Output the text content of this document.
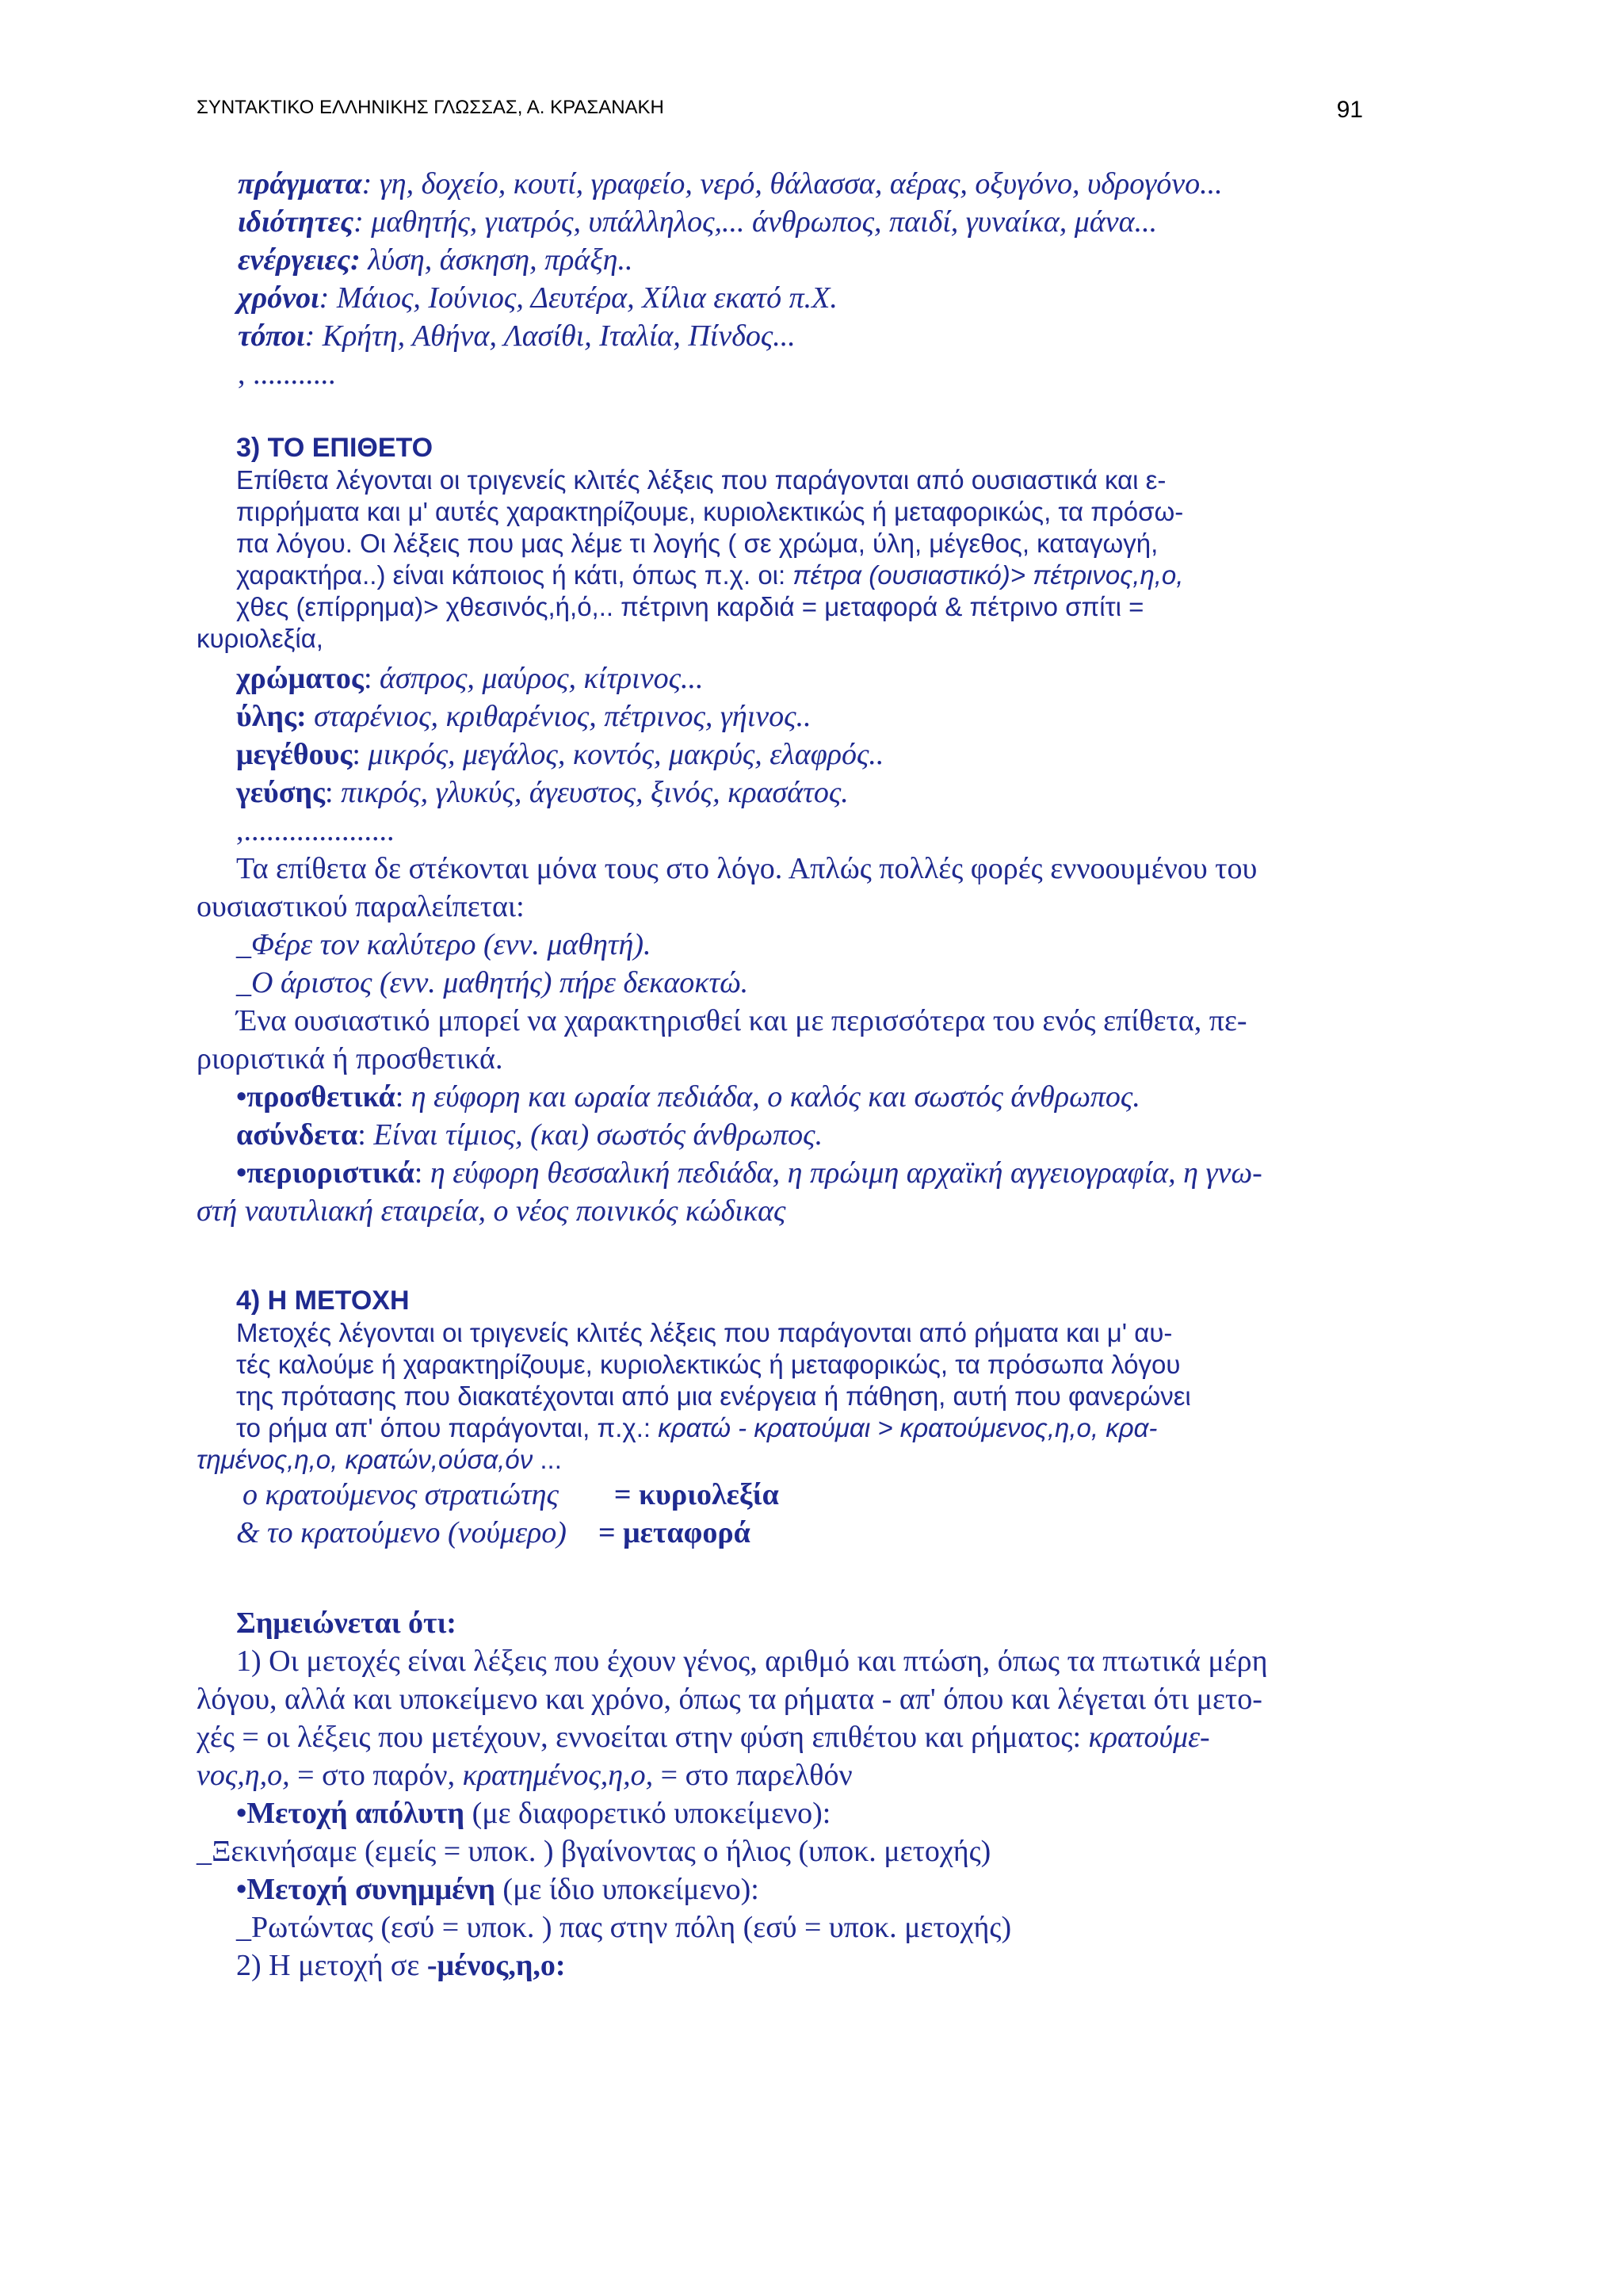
ΣΥΝΤΑΚΤΙΚΟ ΕΛΛΗΝΙΚΗΣ ΓΛΩΣΣΑΣ, Α. ΚΡΑΣΑΝΑΚΗ	91
πράγματα: γη, δοχείο, κουτί, γραφείο, νερό, θάλασσα, αέρας, οξυγόνο, υδρογόνο...
ιδιότητες: μαθητής, γιατρός, υπάλληλος,... άνθρωπος, παιδί, γυναίκα, μάνα...
ενέργειες: λύση, άσκηση, πράξη..
χρόνοι: Μάιος, Ιούνιος, Δευτέρα, Χίλια εκατό π.Χ.
τόποι: Κρήτη, Αθήνα, Λασίθι, Ιταλία, Πίνδος...
, ...........
3) ΤΟ ΕΠΙΘΕΤΟ
Επίθετα λέγονται οι τριγενείς κλιτές λέξεις που παράγονται από ουσιαστικά και ε-
πιρρήματα και μ' αυτές χαρακτηρίζουμε, κυριολεκτικώς ή μεταφορικώς, τα πρόσω-
πα λόγου. Οι λέξεις που μας λέμε τι λογής ( σε χρώμα, ύλη, μέγεθος, καταγωγή,
χαρακτήρα..) είναι κάποιος ή κάτι, όπως π.χ. οι: πέτρα (ουσιαστικό)> πέτρινος,η,ο,
χθες (επίρρημα)> χθεσινός,ή,ό,.. πέτρινη καρδιά = μεταφορά & πέτρινο σπίτι =
κυριολεξία,
χρώματος: άσπρος, μαύρος, κίτρινος...
ύλης: σταρένιος, κριθαρένιος, πέτρινος, γήινος..
μεγέθους: μικρός, μεγάλος, κοντός, μακρύς, ελαφρός..
γεύσης: πικρός, γλυκύς, άγευστος, ξινός, κρασάτος.
,....................
Τα επίθετα δε στέκονται μόνα τους στο λόγο. Απλώς πολλές φορές εννοουμένου του
ουσιαστικού παραλείπεται:
_Φέρε τον καλύτερο (ενν. μαθητή).
_Ο άριστος (ενν. μαθητής) πήρε δεκαοκτώ.
Ένα ουσιαστικό μπορεί να χαρακτηρισθεί και με περισσότερα του ενός επίθετα, πε-
ριοριστικά ή προσθετικά.
•προσθετικά: η εύφορη και ωραία πεδιάδα, ο καλός και σωστός άνθρωπος.
ασύνδετα: Είναι τίμιος, (και) σωστός άνθρωπος.
•περιοριστικά: η εύφορη θεσσαλική πεδιάδα, η πρώιμη αρχαϊκή αγγειογραφία, η γνω-
στή ναυτιλιακή εταιρεία, ο νέος ποινικός κώδικας
4) Η ΜΕΤΟΧΗ
Μετοχές λέγονται οι τριγενείς κλιτές λέξεις που παράγονται από ρήματα και μ' αυ-
τές καλούμε ή χαρακτηρίζουμε, κυριολεκτικώς ή μεταφορικώς, τα πρόσωπα λόγου
της πρότασης που διακατέχονται από μια ενέργεια ή πάθηση, αυτή που φανερώνει
το ρήμα απ' όπου παράγονται, π.χ.: κρατώ - κρατούμαι > κρατούμενος,η,ο, κρα-
τημένος,η,ο, κρατών,ούσα,όν ...
ο κρατούμενος στρατιώτης = κυριολεξία
& το κρατούμενο (νούμερο) = μεταφορά
Σημειώνεται ότι:
1) Οι μετοχές είναι λέξεις που έχουν γένος, αριθμό και πτώση, όπως τα πτωτικά μέρη
λόγου, αλλά και υποκείμενο και χρόνο, όπως τα ρήματα - απ' όπου και λέγεται ότι μετο-
χές = οι λέξεις που μετέχουν, εννοείται στην φύση επιθέτου και ρήματος: κρατούμε-
νος,η,ο, = στο παρόν, κρατημένος,η,ο, = στο παρελθόν
•Μετοχή απόλυτη (με διαφορετικό υποκείμενο):
_Ξεκινήσαμε (εμείς = υποκ. ) βγαίνοντας ο ήλιος (υποκ. μετοχής)
•Μετοχή συνημμένη (με ίδιο υποκείμενο):
_Ρωτώντας (εσύ = υποκ. ) πας στην πόλη (εσύ = υποκ. μετοχής)
2) Η μετοχή σε -μένος,η,ο:
